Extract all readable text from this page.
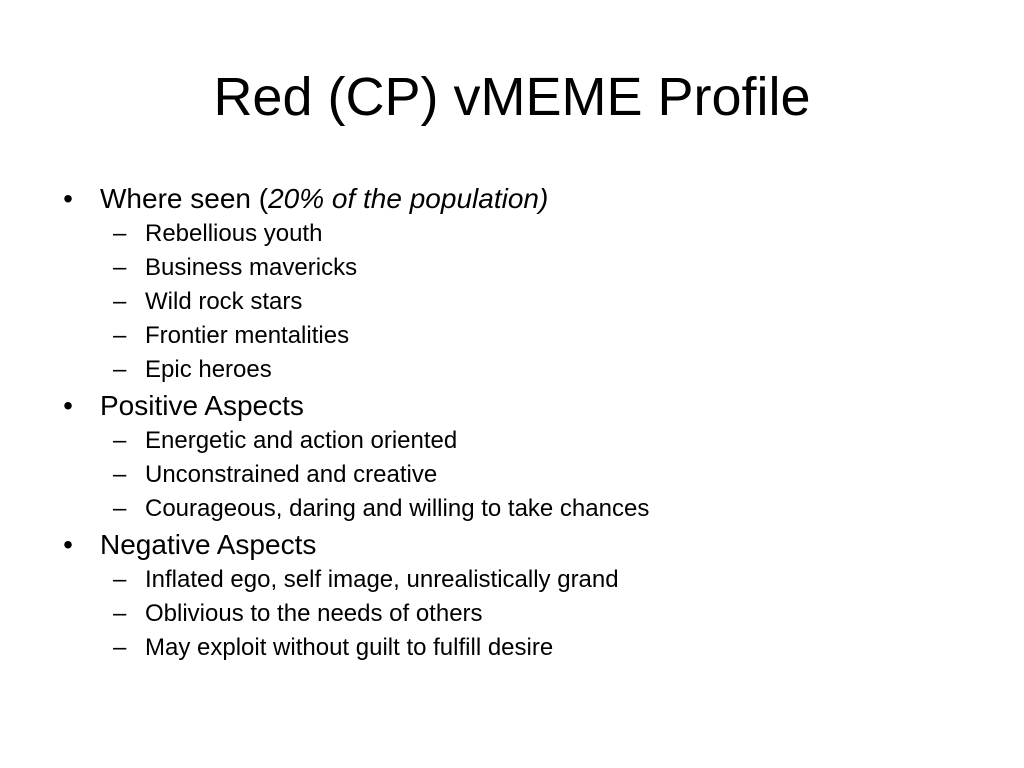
Red (CP) vMEME Profile
• Where seen (20% of the population)
– Rebellious youth
– Business mavericks
– Wild rock stars
– Frontier mentalities
– Epic heroes
• Positive Aspects
– Energetic and action oriented
– Unconstrained and creative
– Courageous, daring and willing to take chances
• Negative Aspects
– Inflated ego, self image, unrealistically grand
– Oblivious to the needs of others
– May exploit without guilt to fulfill desire
